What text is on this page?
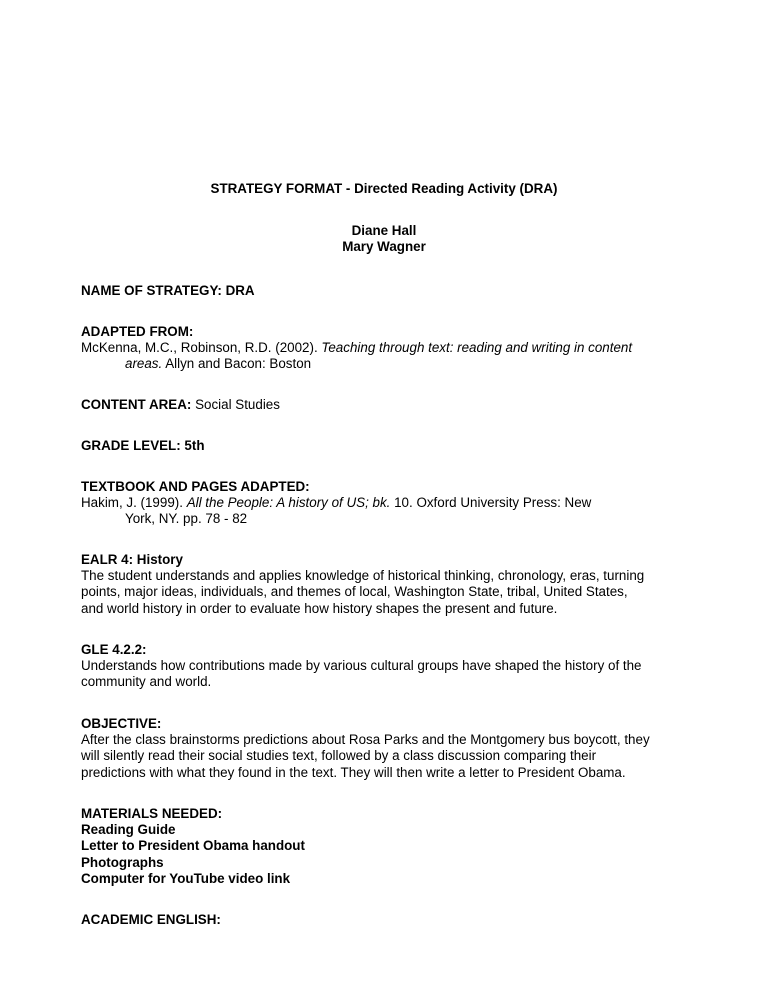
STRATEGY FORMAT - Directed Reading Activity (DRA)

Diane Hall

Mary Wagner

NAME OF STRATEGY: DRA

ADAPTED FROM:

McKenna, M.C., Robinson, R.D. (2002). Teaching through text: reading and writing in content

areas. Allyn and Bacon: Boston

CONTENT AREA: Social Studies

GRADE LEVEL: 5th

TEXTBOOK AND PAGES ADAPTED:

Hakim, J. (1999). All the People: A history of US; bk. 10. Oxford University Press: New

York, NY. pp. 78 - 82

EALR 4: History

The student understands and applies knowledge of historical thinking, chronology, eras, turning

points, major ideas, individuals, and themes of local, Washington State, tribal, United States,

and world history in order to evaluate how history shapes the present and future.

GLE 4.2.2:

Understands how contributions made by various cultural groups have shaped the history of the

community and world.

OBJECTIVE:

After the class brainstorms predictions about Rosa Parks and the Montgomery bus boycott, they

will silently read their social studies text, followed by a class discussion comparing their

predictions with what they found in the text. They will then write a letter to President Obama.

MATERIALS NEEDED:

Reading Guide

Letter to President Obama handout

Photographs

Computer for YouTube video link

ACADEMIC ENGLISH:
